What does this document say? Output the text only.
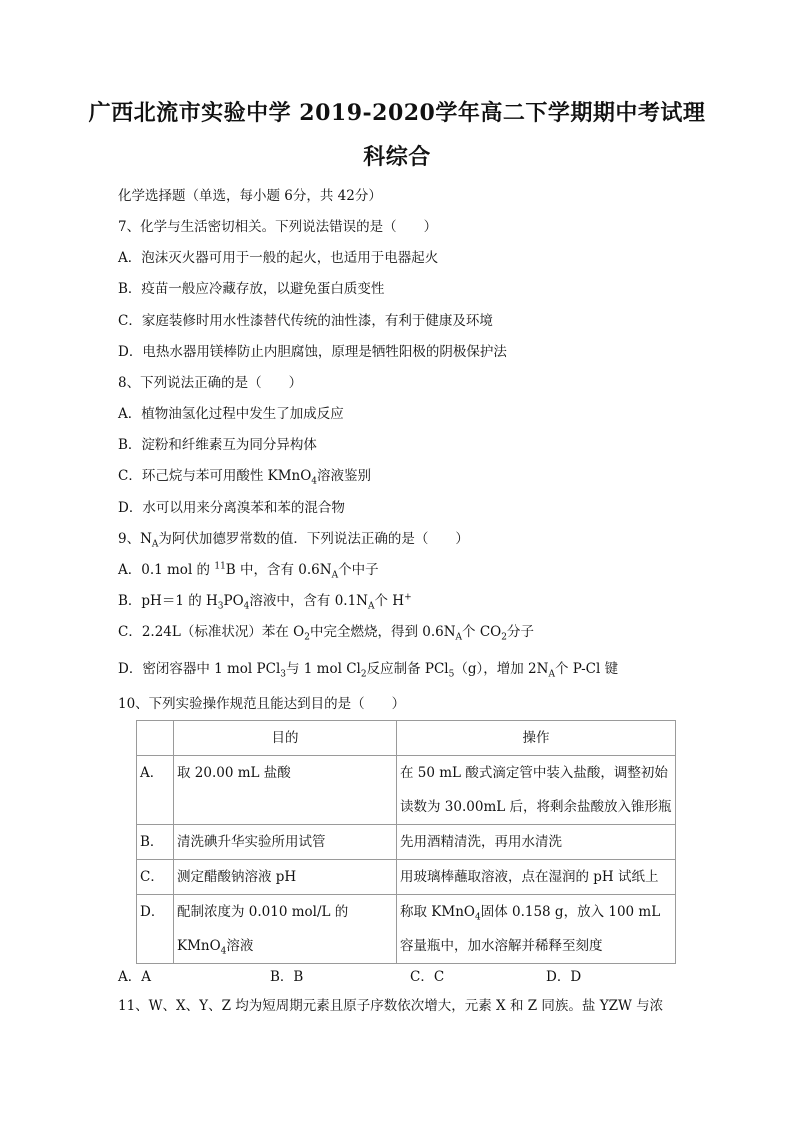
广西北流市实验中学 2019-2020学年高二下学期期中考试理
科综合
化学选择题（单选，每小题 6分，共 42分）
7、化学与生活密切相关。下列说法错误的是（　　）
A．泡沫灭火器可用于一般的起火，也适用于电器起火
B．疫苗一般应冷藏存放，以避免蛋白质变性
C．家庭装修时用水性漆替代传统的油性漆，有利于健康及环境
D．电热水器用镁棒防止内胆腐蚀，原理是牺牲阳极的阴极保护法
8、下列说法正确的是（　　）
A．植物油氢化过程中发生了加成反应
B．淀粉和纤维素互为同分异构体
C．环己烷与苯可用酸性 KMnO$_4$溶液鉴别
D．水可以用来分离溴苯和苯的混合物
9、$N_A$为阿伏加德罗常数的值．下列说法正确的是（　　）
A．0.1 mol 的 $^{11}$B 中，含有 $0.6N_A$个中子
B．pH＝1 的 $H_3PO_4$溶液中，含有 $0.1N_A$个 H+
C．2.24L（标准状况）苯在 $O_2$中完全燃烧，得到 $0.6N_A$个 $CO_2$分子
D．密闭容器中 1 mol PCl$_3$与 1 mol $Cl_2$反应制备 PCl$_5$（g），增加 $2N_A$个 P-Cl 键
10、下列实验操作规范且能达到目的是（　　）
	目的	操作
A．	取 20.00 mL 盐酸	在 50 mL 酸式滴定管中装入盐酸，调整初始读数为 30.00mL 后，将剩余盐酸放入锥形瓶
B．	清洗碘升华实验所用试管	先用酒精清洗，再用水清洗
C．	测定醋酸钠溶液 pH	用玻璃棒蘸取溶液，点在湿润的 pH 试纸上
D．	配制浓度为 0.010 mol/L 的 KMnO$_4$溶液	称取 KMnO$_4$固体 0.158 g，放入 100 mL 容量瓶中，加水溶解并稀释至刻度
A．A	B．B	C．C	D．D
11、W、X、Y、Z 均为短周期元素且原子序数依次增大，元素 X 和 Z 同族。盐 YZW 与浓
